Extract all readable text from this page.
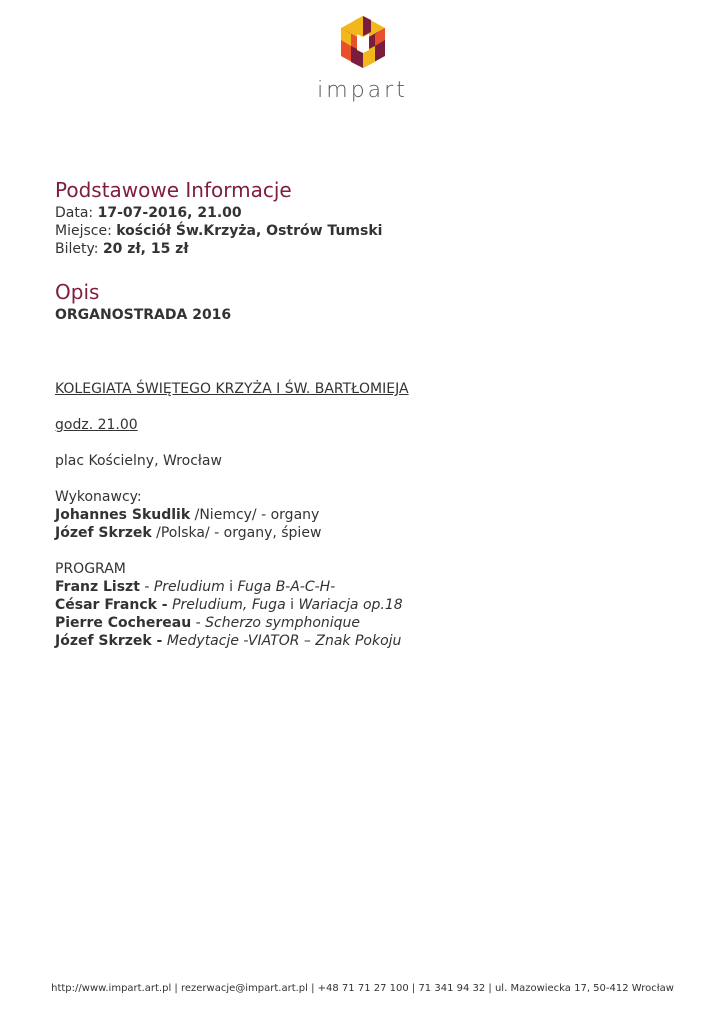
impart
Podstawowe Informacje

Data: 17-07-2016, 21.00

Miejsce: kościół Św.Krzyża, Ostrów Tumski

Bilety: 20 zł, 15 zł

Opis

ORGANOSTRADA 2016

KOLEGIATA ŚWIĘTEGO KRZYŻA I ŚW. BARTŁOMIEJA

godz. 21.00

plac Kościelny, Wrocław

Wykonawcy:

Johannes Skudlik /Niemcy/ - organy

Józef Skrzek /Polska/ - organy, śpiew

PROGRAM

Franz Liszt - Preludium i Fuga B-A-C-H-

César Franck - Preludium, Fuga i Wariacja op.18

Pierre Cochereau - Scherzo symphonique

Józef Skrzek - Medytacje -VIATOR – Znak Pokoju

http://www.impart.art.pl | rezerwacje@impart.art.pl | +48 71 71 27 100 | 71 341 94 32 | ul. Mazowiecka 17, 50-412 Wrocław
